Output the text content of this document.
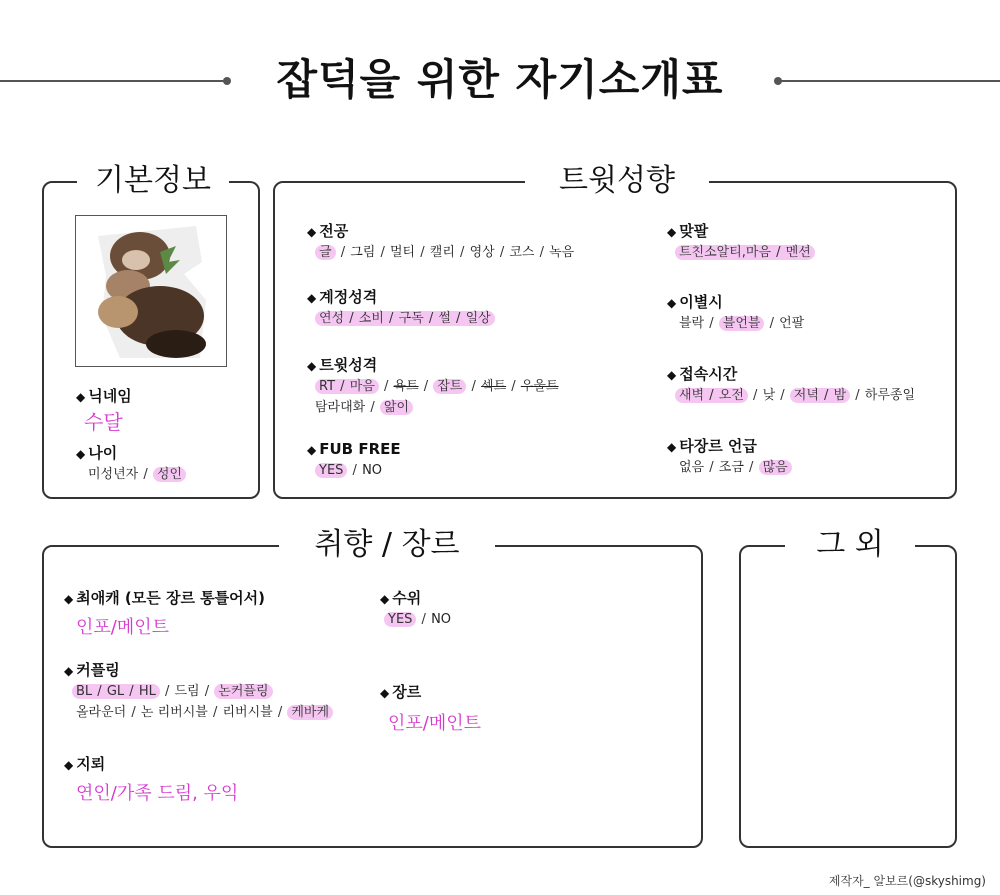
잡덕을 위한 자기소개표
기본정보
◆ 닉네임
수달
◆ 나이
미성년자 / 성인
트윗성향
◆ 전공
글 / 그림 / 멀티 / 캘리 / 영상 / 코스 / 녹음
◆ 계정성격
연성 / 소비 / 구독 / 썰 / 일상
◆ 트윗성격
RT / 마음 / 욕트 / 잡트 / 섹트 / 우울트
탐라대화 / 앎이
◆ FUB FREE
YES / NO
◆ 맞팔
트친소알티,마음 / 멘션
◆ 이별시
블락 / 블언블 / 언팔
◆ 접속시간
새벽 / 오전 / 낮 / 저녁 / 밤 / 하루종일
◆ 타장르 언급
없음 / 조금 / 많음
취향 / 장르
◆ 최애캐 (모든 장르 통틀어서)
인포/메인트
◆ 커플링
BL / GL / HL / 드림 / 논커플링
올라운더 / 논 리버시블 / 리버시블 / 케바케
◆ 지뢰
연인/가족 드림, 우익
◆ 수위
YES / NO
◆ 장르
인포/메인트
그 외
제작자_ 알보르(@skyshimg)
